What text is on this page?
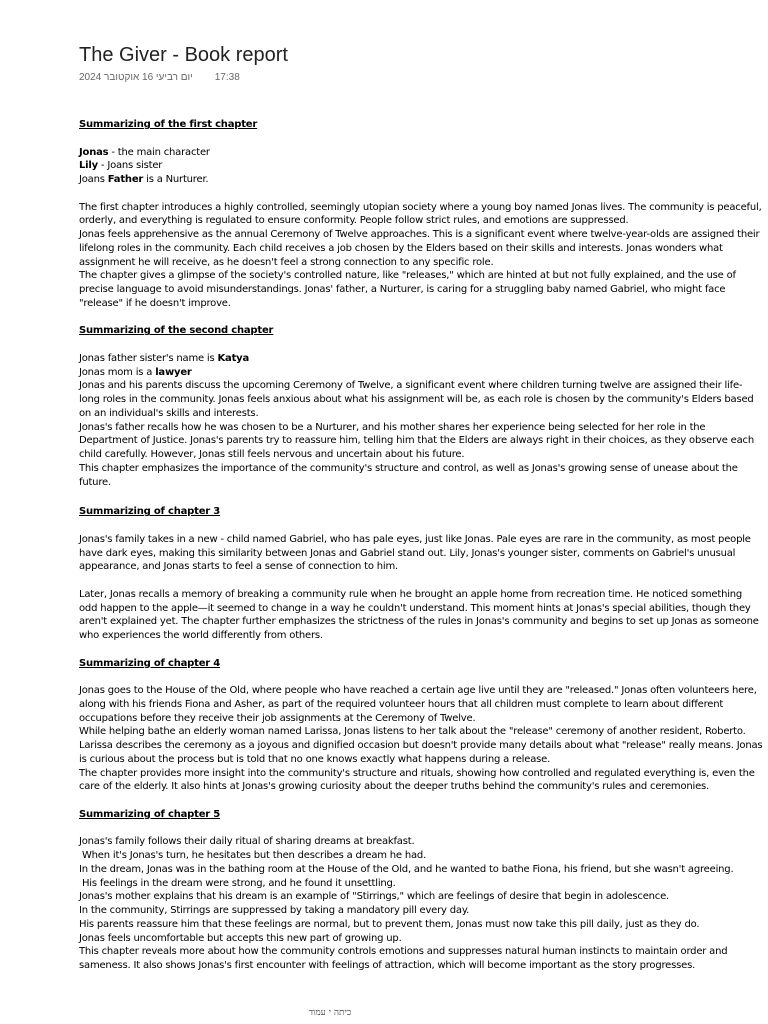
The Giver - Book report
יום רביעי 16 אוקטובר 2024 17:38

Summarizing of the first chapter

Jonas - the main character

Lily - Joans sister

Joans Father is a Nurturer.

The first chapter introduces a highly controlled, seemingly utopian society where a young boy named Jonas lives. The community is peaceful, orderly, and everything is regulated to ensure conformity. People follow strict rules, and emotions are suppressed.

Jonas feels apprehensive as the annual Ceremony of Twelve approaches. This is a significant event where twelve-year-olds are assigned their lifelong roles in the community. Each child receives a job chosen by the Elders based on their skills and interests. Jonas wonders what assignment he will receive, as he doesn't feel a strong connection to any specific role.

The chapter gives a glimpse of the society's controlled nature, like "releases," which are hinted at but not fully explained, and the use of precise language to avoid misunderstandings. Jonas' father, a Nurturer, is caring for a struggling baby named Gabriel, who might face "release" if he doesn't improve.

Summarizing of the second chapter

Jonas father sister's name is Katya

Jonas mom is a lawyer

Jonas and his parents discuss the upcoming Ceremony of Twelve, a significant event where children turning twelve are assigned their life-long roles in the community. Jonas feels anxious about what his assignment will be, as each role is chosen by the community's Elders based on an individual's skills and interests.

Jonas's father recalls how he was chosen to be a Nurturer, and his mother shares her experience being selected for her role in the Department of Justice. Jonas's parents try to reassure him, telling him that the Elders are always right in their choices, as they observe each child carefully. However, Jonas still feels nervous and uncertain about his future.

This chapter emphasizes the importance of the community's structure and control, as well as Jonas's growing sense of unease about the future.

Summarizing of chapter 3

Jonas's family takes in a new - child named Gabriel, who has pale eyes, just like Jonas. Pale eyes are rare in the community, as most people have dark eyes, making this similarity between Jonas and Gabriel stand out. Lily, Jonas's younger sister, comments on Gabriel's unusual appearance, and Jonas starts to feel a sense of connection to him.

Later, Jonas recalls a memory of breaking a community rule when he brought an apple home from recreation time. He noticed something odd happen to the apple—it seemed to change in a way he couldn't understand. This moment hints at Jonas's special abilities, though they aren't explained yet. The chapter further emphasizes the strictness of the rules in Jonas's community and begins to set up Jonas as someone who experiences the world differently from others.

Summarizing of chapter 4

Jonas goes to the House of the Old, where people who have reached a certain age live until they are "released." Jonas often volunteers here, along with his friends Fiona and Asher, as part of the required volunteer hours that all children must complete to learn about different occupations before they receive their job assignments at the Ceremony of Twelve.

While helping bathe an elderly woman named Larissa, Jonas listens to her talk about the "release" ceremony of another resident, Roberto. Larissa describes the ceremony as a joyous and dignified occasion but doesn't provide many details about what "release" really means. Jonas is curious about the process but is told that no one knows exactly what happens during a release.

The chapter provides more insight into the community's structure and rituals, showing how controlled and regulated everything is, even the care of the elderly. It also hints at Jonas's growing curiosity about the deeper truths behind the community's rules and ceremonies.

Summarizing of chapter 5

Jonas's family follows their daily ritual of sharing dreams at breakfast.

When it's Jonas's turn, he hesitates but then describes a dream he had.

In the dream, Jonas was in the bathing room at the House of the Old, and he wanted to bathe Fiona, his friend, but she wasn't agreeing.

His feelings in the dream were strong, and he found it unsettling.

Jonas's mother explains that his dream is an example of "Stirrings," which are feelings of desire that begin in adolescence.

In the community, Stirrings are suppressed by taking a mandatory pill every day.

His parents reassure him that these feelings are normal, but to prevent them, Jonas must now take this pill daily, just as they do.

Jonas feels uncomfortable but accepts this new part of growing up.

This chapter reveals more about how the community controls emotions and suppresses natural human instincts to maintain order and sameness. It also shows Jonas's first encounter with feelings of attraction, which will become important as the story progresses.

כיתה י עמוד
